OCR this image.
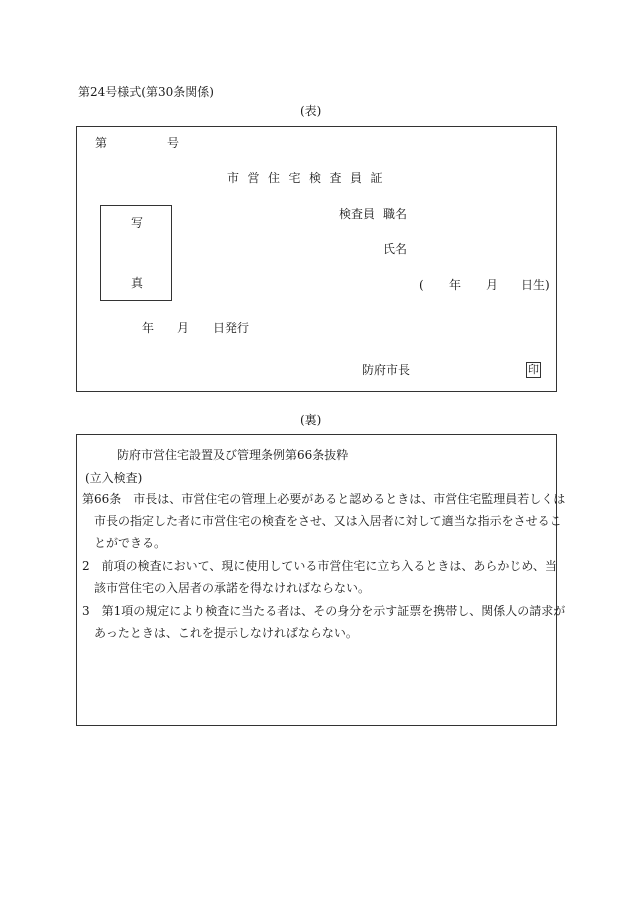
第24号様式(第30条関係)
(表)
第	号
市営住宅検査員証
写
真
検査員 職名
氏名
( 年 月 日生)
年 月 日発行
防府市長	印
(裏)
防府市営住宅設置及び管理条例第66条抜粋
(立入検査)
第66条　市長は、市営住宅の管理上必要があると認めるときは、市営住宅監理員若しくは
市長の指定した者に市営住宅の検査をさせ、又は入居者に対して適当な指示をさせるこ
とができる。
2　前項の検査において、現に使用している市営住宅に立ち入るときは、あらかじめ、当
該市営住宅の入居者の承諾を得なければならない。
3　第1項の規定により検査に当たる者は、その身分を示す証票を携帯し、関係人の請求が
あったときは、これを提示しなければならない。
